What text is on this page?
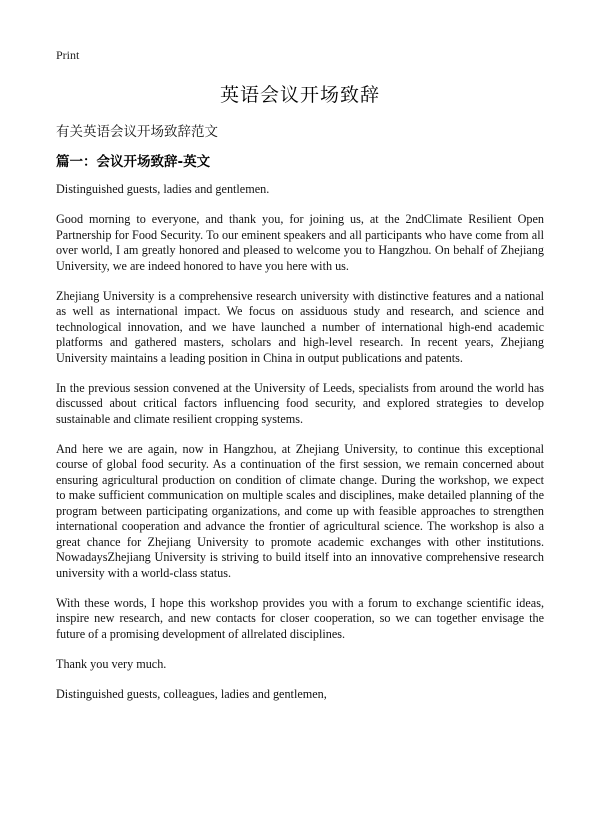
Print
英语会议开场致辞
有关英语会议开场致辞范文
篇一：会议开场致辞-英文

Distinguished guests, ladies and gentlemen.

Good morning to everyone, and thank you, for joining us, at the 2ndClimate Resilient Open Partnership for Food Security. To our eminent speakers and all participants who have come from all over world, I am greatly honored and pleased to welcome you to Hangzhou. On behalf of Zhejiang University, we are indeed honored to have you here with us.

Zhejiang University is a comprehensive research university with distinctive features and a national as well as international impact. We focus on assiduous study and research, and science and technological innovation, and we have launched a number of international high-end academic platforms and gathered masters, scholars and high-level research. In recent years, Zhejiang University maintains a leading position in China in output publications and patents.

In the previous session convened at the University of Leeds, specialists from around the world has discussed about critical factors influencing food security, and explored strategies to develop sustainable and climate resilient cropping systems.

And here we are again, now in Hangzhou, at Zhejiang University, to continue this exceptional course of global food security. As a continuation of the first session, we remain concerned about ensuring agricultural production on condition of climate change. During the workshop, we expect to make sufficient communication on multiple scales and disciplines, make detailed planning of the program between participating organizations, and come up with feasible approaches to strengthen international cooperation and advance the frontier of agricultural science. The workshop is also a great chance for Zhejiang University to promote academic exchanges with other institutions. NowadaysZhejiang University is striving to build itself into an innovative comprehensive research university with a world-class status.

With these words, I hope this workshop provides you with a forum to exchange scientific ideas, inspire new research, and new contacts for closer cooperation, so we can together envisage the future of a promising development of allrelated disciplines.

Thank you very much.

Distinguished guests, colleagues, ladies and gentlemen,
